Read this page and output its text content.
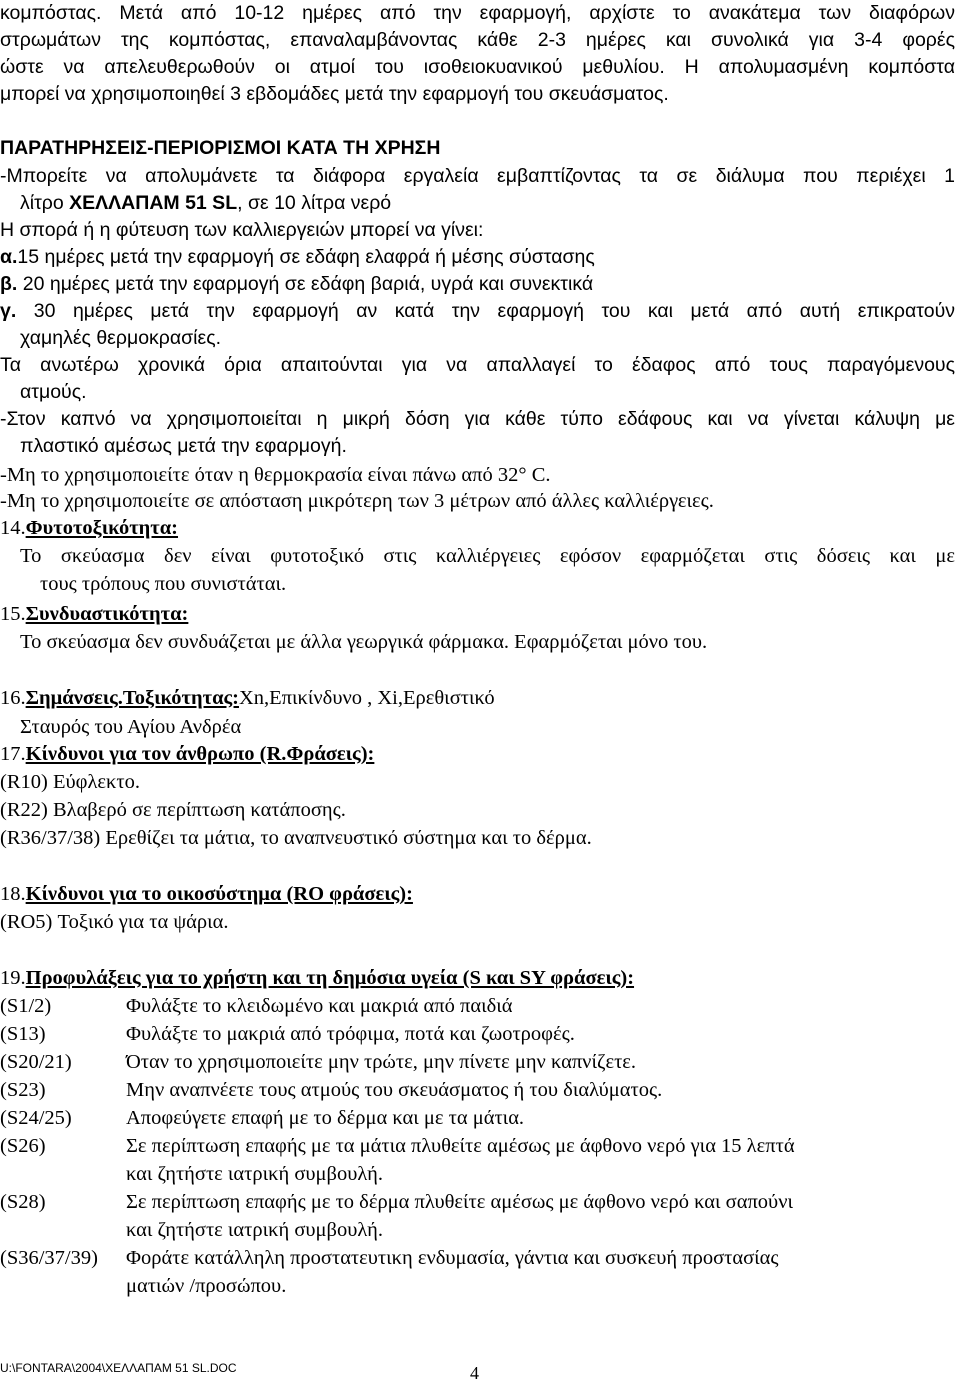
κομπόστας. Μετά από 10-12 ημέρες από την εφαρμογή, αρχίστε το ανακάτεμα των διαφόρων

στρωμάτων της κομπόστας, επαναλαμβάνοντας κάθε 2-3 ημέρες και συνολικά για 3-4 φορές

ώστε να απελευθερωθούν οι ατμοί του ισοθειοκυανικού μεθυλίου. Η απολυμασμένη κομπόστα

μπορεί να χρησιμοποιηθεί 3 εβδομάδες μετά την εφαρμογή του σκευάσματος.

ΠΑΡΑΤΗΡΗΣΕΙΣ-ΠΕΡΙΟΡΙΣΜΟΙ ΚΑΤΑ ΤΗ ΧΡΗΣΗ

-Μπορείτε να απολυμάνετε τα διάφορα εργαλεία εμβαπτίζοντας τα σε διάλυμα που περιέχει 1

λίτρο ΧΕΛΛΑΠΑΜ 51 SL, σε 10 λίτρα νερό

Η σπορά ή η φύτευση των καλλιεργειών μπορεί να γίνει:

α.15 ημέρες μετά την εφαρμογή σε εδάφη ελαφρά ή μέσης σύστασης

β. 20 ημέρες μετά την εφαρμογή σε εδάφη βαριά, υγρά και συνεκτικά

γ. 30 ημέρες μετά την εφαρμογή αν κατά την εφαρμογή του και μετά από αυτή επικρατούν

χαμηλές θερμοκρασίες.

Τα ανωτέρω χρονικά όρια απαιτούνται για να απαλλαγεί το έδαφος από τους παραγόμενους

ατμούς.

-Στον καπνό να χρησιμοποιείται η μικρή δόση για κάθε τύπο εδάφους και να γίνεται κάλυψη με

πλαστικό αμέσως μετά την εφαρμογή.

-Μη το χρησιμοποιείτε όταν η θερμοκρασία είναι πάνω από 32° C.

-Μη το χρησιμοποιείτε σε απόσταση μικρότερη των 3 μέτρων από άλλες καλλιέργειες.

14.Φυτοτοξικότητα:

Το σκεύασμα δεν είναι φυτοτοξικό στις καλλιέργειες εφόσον εφαρμόζεται στις δόσεις και με

τους τρόπους που συνιστάται.

15.Συνδυαστικότητα:

Το σκεύασμα δεν συνδυάζεται με άλλα γεωργικά φάρμακα. Εφαρμόζεται μόνο του.

16.Σημάνσεις.Τοξικότητας:Xn,Επικίνδυνο , Xi,Ερεθιστικό

Σταυρός του Αγίου Ανδρέα

17.Κίνδυνοι για τον άνθρωπο (R.Φράσεις):

(R10) Εύφλεκτο.

(R22) Βλαβερό σε περίπτωση κατάποσης.

(R36/37/38) Ερεθίζει τα μάτια, το αναπνευστικό σύστημα και το δέρμα.

18.Κίνδυνοι για το οικοσύστημα (RO φράσεις):

(RO5) Τοξικό για τα ψάρια.

19.Προφυλάξεις για το χρήστη και τη δημόσια υγεία (S και SY φράσεις):

(S1/2)	Φυλάξτε το κλειδωμένο και μακριά από παιδιά
(S13)	Φυλάξτε το μακριά από τρόφιμα, ποτά και ζωοτροφές.
(S20/21)	Όταν το χρησιμοποιείτε μην τρώτε, μην πίνετε μην καπνίζετε.
(S23)	Μην αναπνέετε τους ατμούς του σκευάσματος ή του διαλύματος.
(S24/25)	Αποφεύγετε επαφή με το δέρμα και με τα μάτια.
(S26)	Σε περίπτωση επαφής με τα μάτια πλυθείτε αμέσως με άφθονο νερό για 15 λεπτά
και ζητήστε ιατρική συμβουλή.
(S28)	Σε περίπτωση επαφής με το δέρμα πλυθείτε αμέσως με άφθονο νερό και σαπούνι
και ζητήστε ιατρική συμβουλή.
(S36/37/39) Φοράτε κατάλληλη προστατευτικη ενδυμασία, γάντια και συσκευή προστασίας
ματιών /προσώπου.
U:\FONTARA\2004\ΧΕΛΛΑΠΑΜ 51 SL.DOC	4
